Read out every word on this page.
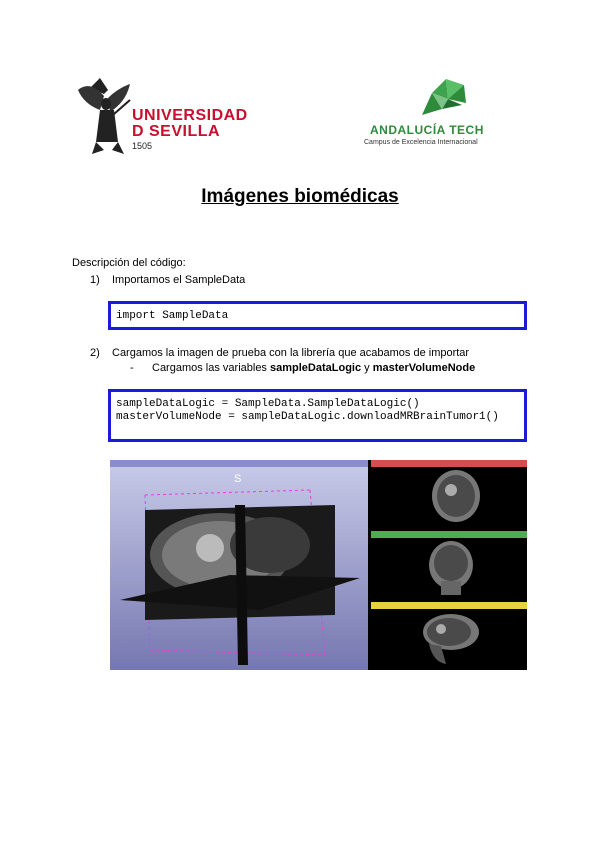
UNIVERSIDAD
D SEVILLA
1505
ANDALUCÍA TECH
Campus de Excelencia Internacional
Imágenes biomédicas
Descripción del código:
1) Importamos el SampleData
import SampleData
2) Cargamos la imagen de prueba con la librería que acabamos de importar
- Cargamos las variables sampleDataLogic y masterVolumeNode
sampleDataLogic = SampleData.SampleDataLogic()
masterVolumeNode = sampleDataLogic.downloadMRBrainTumor1()
S
